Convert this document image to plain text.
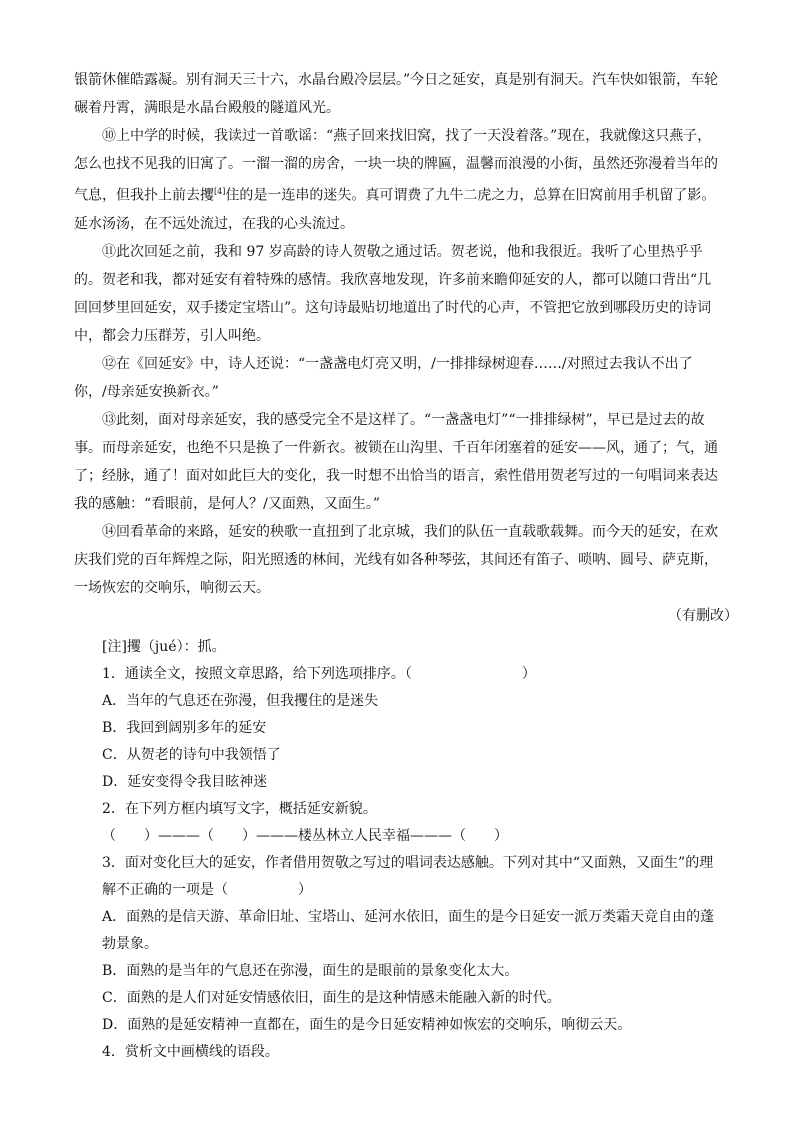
银箭休催皓露凝。别有洞天三十六，水晶台殿冷层层。”今日之延安，真是别有洞天。汽车快如银箭，车轮碾着丹霄，满眼是水晶台殿般的隧道风光。

⑩上中学的时候，我读过一首歌谣：“燕子回来找旧窝，找了一天没着落。”现在，我就像这只燕子，怎么也找不见我的旧寓了。一溜一溜的房舍，一块一块的牌匾，温馨而浪漫的小街，虽然还弥漫着当年的气息，但我扑上前去攫[4]住的是一连串的迷失。真可谓费了九牛二虎之力，总算在旧窝前用手机留了影。延水汤汤，在不远处流过，在我的心头流过。

⑪此次回延之前，我和 97 岁高龄的诗人贺敬之通过话。贺老说，他和我很近。我听了心里热乎乎的。贺老和我，都对延安有着特殊的感情。我欣喜地发现，许多前来瞻仰延安的人，都可以随口背出“几回回梦里回延安，双手搂定宝塔山”。这句诗最贴切地道出了时代的心声，不管把它放到哪段历史的诗词中，都会力压群芳，引人叫绝。

⑫在《回延安》中，诗人还说：“一盏盏电灯亮又明，/一排排绿树迎春……/对照过去我认不出了你，/母亲延安换新衣。”

⑬此刻，面对母亲延安，我的感受完全不是这样了。“一盏盏电灯”“一排排绿树”，早已是过去的故事。而母亲延安，也绝不只是换了一件新衣。被锁在山沟里、千百年闭塞着的延安——风，通了；气，通了；经脉，通了！面对如此巨大的变化，我一时想不出恰当的语言，索性借用贺老写过的一句唱词来表达我的感触：“看眼前，是何人？/又面熟，又面生。”

⑭回看革命的来路，延安的秧歌一直扭到了北京城，我们的队伍一直载歌载舞。而今天的延安，在欢庆我们党的百年辉煌之际，阳光照透的林间，光线有如各种琴弦，其间还有笛子、唢呐、圆号、萨克斯，一场恢宏的交响乐，响彻云天。

（有删改）

[注]攫（jué）：抓。

1．通读全文，按照文章思路，给下列选项排序。（	）

A．当年的气息还在弥漫，但我攫住的是迷失

B．我回到阔别多年的延安

C．从贺老的诗句中我领悟了

D．延安变得令我目眩神迷

2．在下列方框内填写文字，概括延安新貌。

（　　）———（　　）———楼丛林立人民幸福———（　　）

3．面对变化巨大的延安，作者借用贺敬之写过的唱词表达感触。下列对其中“又面熟，又面生”的理解不正确的一项是（	）

A．面熟的是信天游、革命旧址、宝塔山、延河水依旧，面生的是今日延安一派万类霜天竞自由的蓬勃景象。

B．面熟的是当年的气息还在弥漫，面生的是眼前的景象变化太大。

C．面熟的是人们对延安情感依旧，面生的是这种情感未能融入新的时代。

D．面熟的是延安精神一直都在，面生的是今日延安精神如恢宏的交响乐，响彻云天。

4．赏析文中画横线的语段。
